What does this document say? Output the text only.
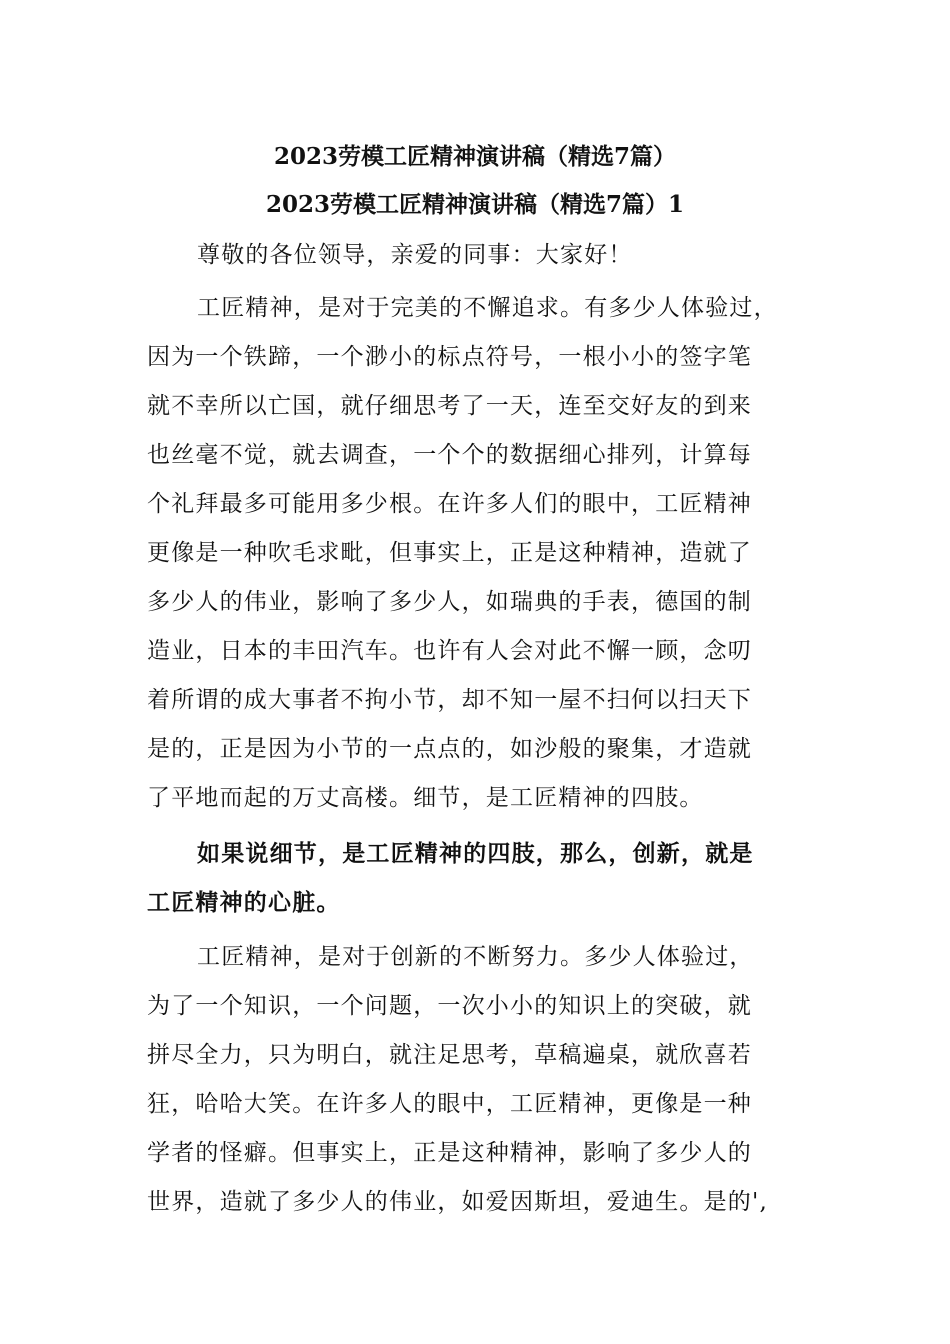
2023劳模工匠精神演讲稿（精选7篇）
2023劳模工匠精神演讲稿（精选7篇）1

尊敬的各位领导，亲爱的同事：大家好！

工匠精神，是对于完美的不懈追求。有多少人体验过，

因为一个铁蹄，一个渺小的标点符号，一根小小的签字笔

就不幸所以亡国，就仔细思考了一天，连至交好友的到来

也丝毫不觉，就去调查，一个个的数据细心排列，计算每

个礼拜最多可能用多少根。在许多人们的眼中，工匠精神

更像是一种吹毛求毗，但事实上，正是这种精神，造就了

多少人的伟业，影响了多少人，如瑞典的手表，德国的制

造业，日本的丰田汽车。也许有人会对此不懈一顾，念叨

着所谓的成大事者不拘小节，却不知一屋不扫何以扫天下

是的，正是因为小节的一点点的，如沙般的聚集，才造就

了平地而起的万丈高楼。细节，是工匠精神的四肢。

如果说细节，是工匠精神的四肢，那么，创新，就是

工匠精神的心脏。

工匠精神，是对于创新的不断努力。多少人体验过，

为了一个知识，一个问题，一次小小的知识上的突破，就

拼尽全力，只为明白，就注足思考，草稿遍桌，就欣喜若

狂，哈哈大笑。在许多人的眼中，工匠精神，更像是一种

学者的怪癖。但事实上，正是这种精神，影响了多少人的

世界，造就了多少人的伟业，如爱因斯坦，爱迪生。是的',
